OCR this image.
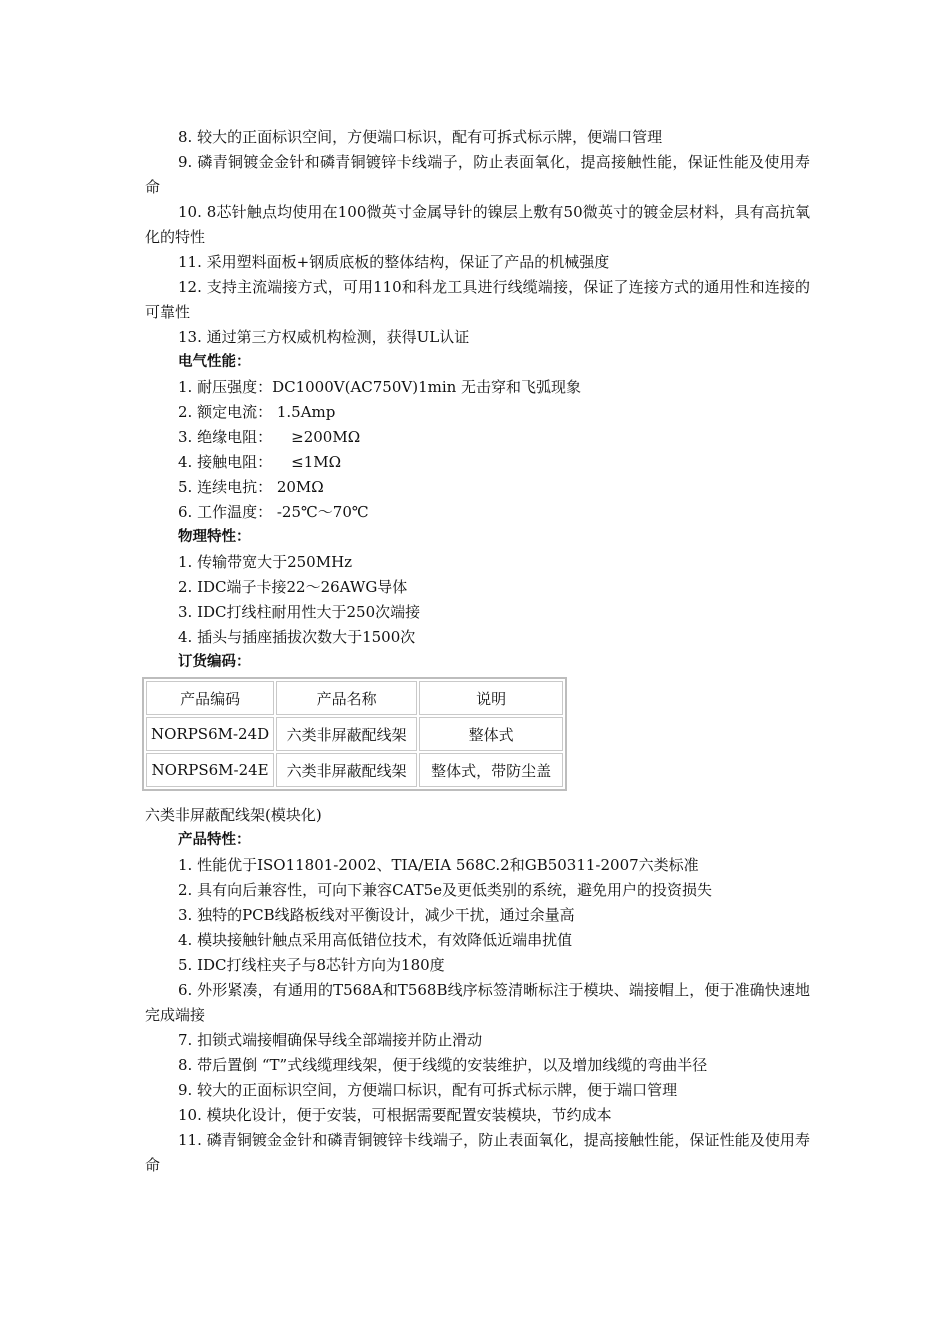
8. 较大的正面标识空间，方便端口标识，配有可拆式标示牌，便端口管理
9. 磷青铜镀金金针和磷青铜镀锌卡线端子，防止表面氧化，提高接触性能，保证性能及使用寿命
10. 8芯针触点均使用在100微英寸金属导针的镍层上敷有50微英寸的镀金层材料，具有高抗氧化的特性
11. 采用塑料面板+钢质底板的整体结构，保证了产品的机械强度
12. 支持主流端接方式，可用110和科龙工具进行线缆端接，保证了连接方式的通用性和连接的可靠性
13. 通过第三方权威机构检测，获得UL认证
电气性能：
1. 耐压强度：DC1000V(AC750V)1min 无击穿和飞弧现象
2. 额定电流： 1.5Amp
3. 绝缘电阻：    ≥200MΩ
4. 接触电阻：    ≤1MΩ
5. 连续电抗： 20MΩ
6. 工作温度： -25℃～70℃
物理特性：
1. 传输带宽大于250MHz
2. IDC端子卡接22～26AWG导体
3. IDC打线柱耐用性大于250次端接
4. 插头与插座插拔次数大于1500次
订货编码：
产品编码	产品名称	说明
NORPS6M-24D	六类非屏蔽配线架	整体式
NORPS6M-24E	六类非屏蔽配线架	整体式，带防尘盖
六类非屏蔽配线架(模块化)
产品特性：
1. 性能优于ISO11801-2002、TIA/EIA 568C.2和GB50311-2007六类标准
2. 具有向后兼容性，可向下兼容CAT5e及更低类别的系统，避免用户的投资损失
3. 独特的PCB线路板线对平衡设计，减少干扰，通过余量高
4. 模块接触针触点采用高低错位技术，有效降低近端串扰值
5. IDC打线柱夹子与8芯针方向为180度
6. 外形紧凑，有通用的T568A和T568B线序标签清晰标注于模块、端接帽上，便于准确快速地完成端接
7. 扣锁式端接帽确保导线全部端接并防止滑动
8. 带后置倒 “T”式线缆理线架，便于线缆的安装维护，以及增加线缆的弯曲半径
9. 较大的正面标识空间，方便端口标识，配有可拆式标示牌，便于端口管理
10. 模块化设计，便于安装，可根据需要配置安装模块，节约成本
11. 磷青铜镀金金针和磷青铜镀锌卡线端子，防止表面氧化，提高接触性能，保证性能及使用寿命
